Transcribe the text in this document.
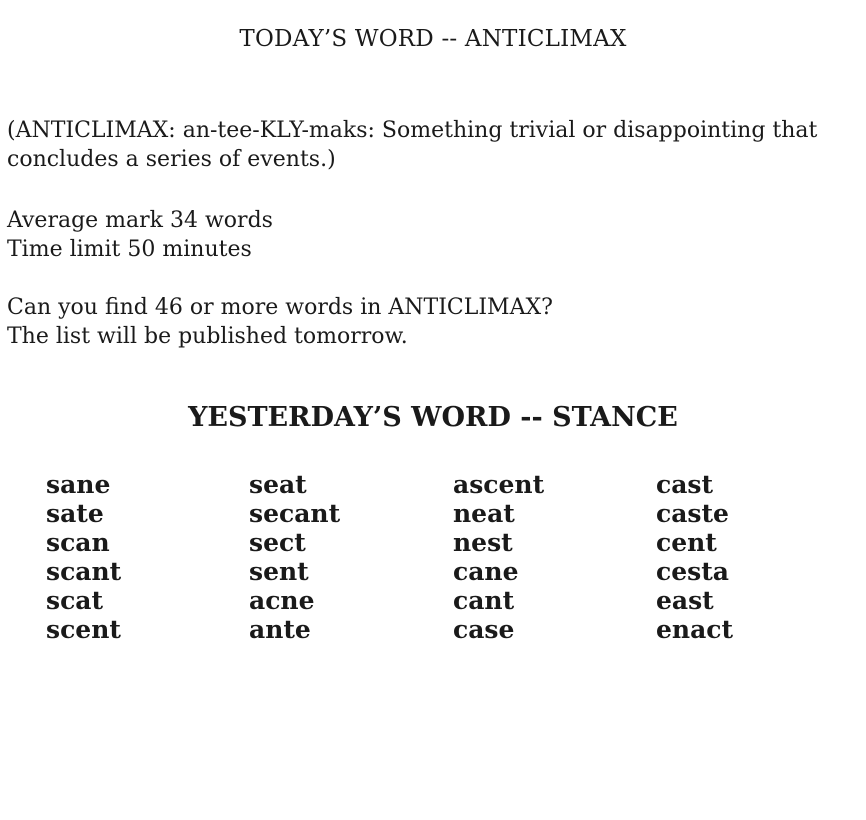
TODAY’S WORD -- ANTICLIMAX
(ANTICLIMAX: an-tee-KLY-maks: Something trivial or disappointing that
concludes a series of events.)
Average mark 34 words
Time limit 50 minutes
Can you find 46 or more words in ANTICLIMAX?
The list will be published tomorrow.
YESTERDAY’S WORD -- STANCE
sane
sate
scan
scant
scat
scent
seat
secant
sect
sent
acne
ante
ascent
neat
nest
cane
cant
case
cast
caste
cent
cesta
east
enact
